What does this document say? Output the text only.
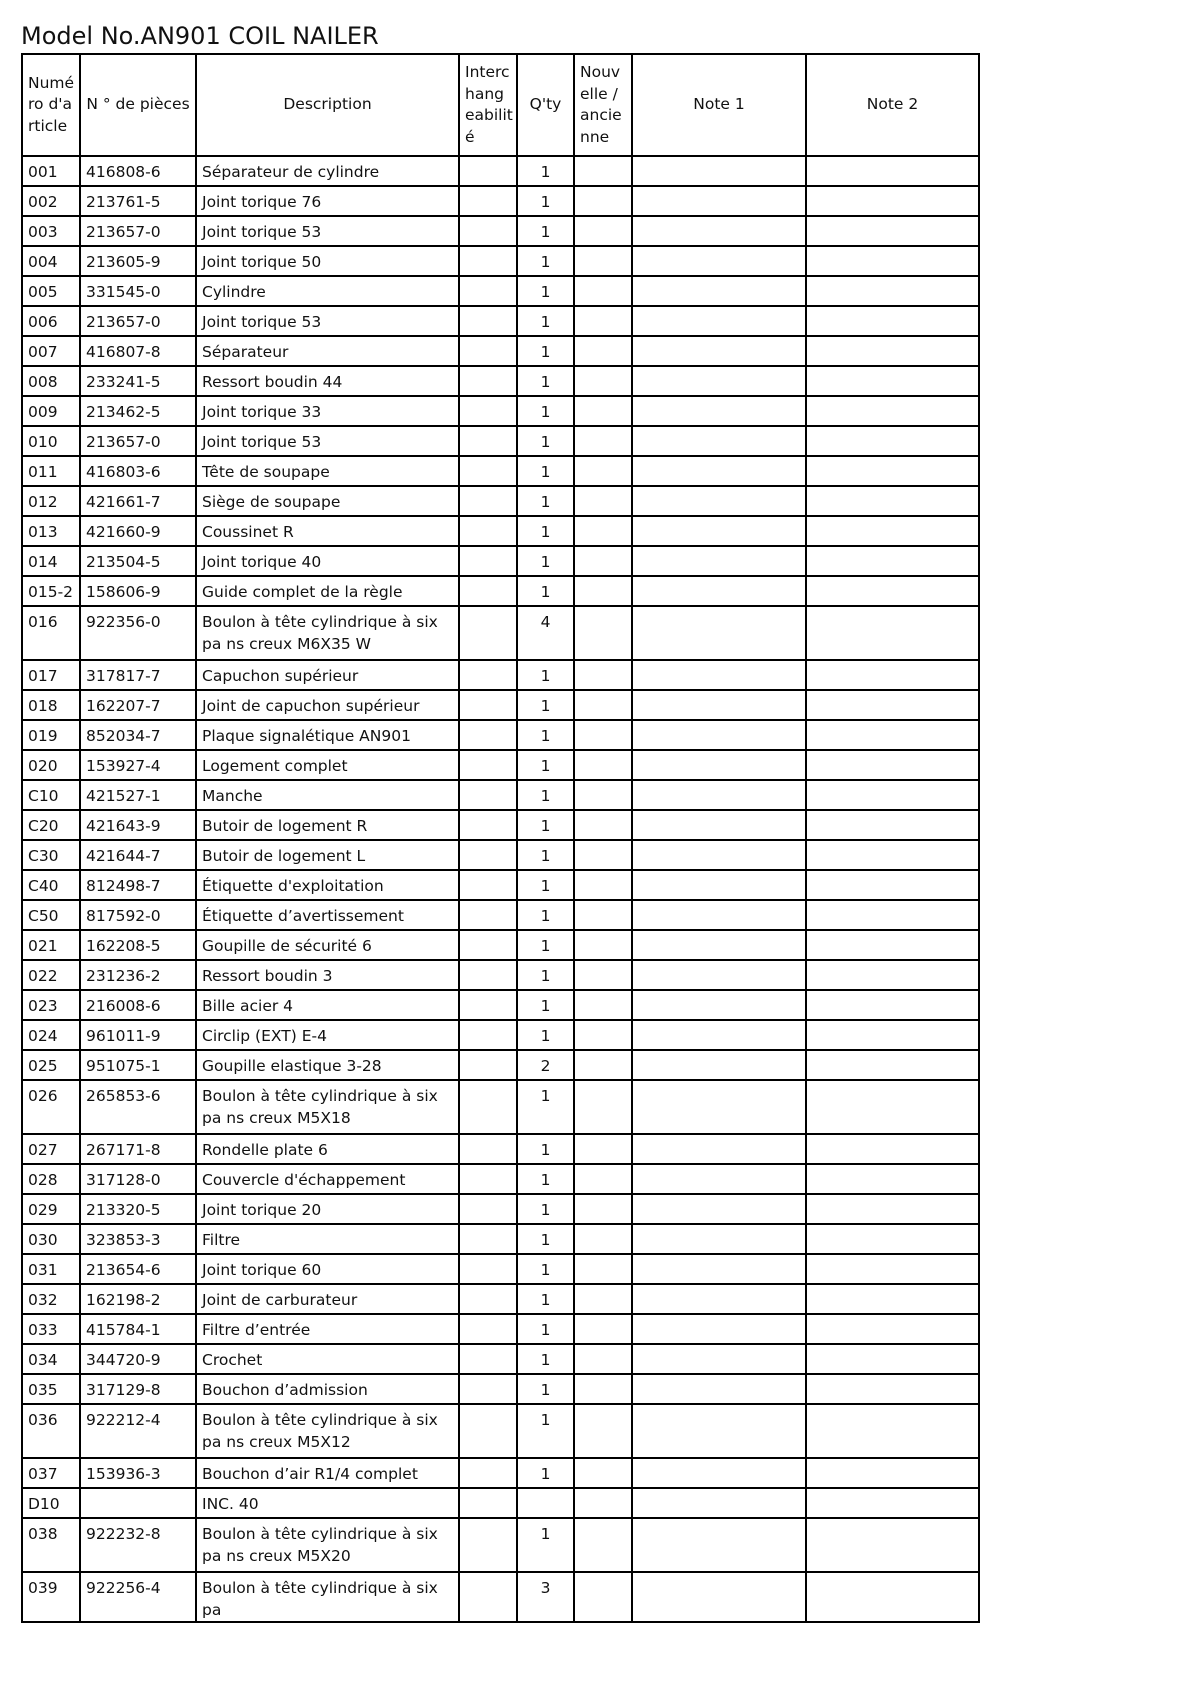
Model No.AN901 COIL NAILER
Numé ro d'a rticle	N ° de pièces	Description	Interc hang eabilit é	Q'ty	Nouv elle / ancie nne	Note 1	Note 2
001	416808-6	Séparateur de cylindre		1			
002	213761-5	Joint torique 76		1			
003	213657-0	Joint torique 53		1			
004	213605-9	Joint torique 50		1			
005	331545-0	Cylindre		1			
006	213657-0	Joint torique 53		1			
007	416807-8	Séparateur		1			
008	233241-5	Ressort boudin 44		1			
009	213462-5	Joint torique 33		1			
010	213657-0	Joint torique 53		1			
011	416803-6	Tête de soupape		1			
012	421661-7	Siège de soupape		1			
013	421660-9	Coussinet R		1			
014	213504-5	Joint torique 40		1			
015-2	158606-9	Guide complet de la règle		1			
016	922356-0	Boulon à tête cylindrique à six pa ns creux M6X35 W		4			
017	317817-7	Capuchon supérieur		1			
018	162207-7	Joint de capuchon supérieur		1			
019	852034-7	Plaque signalétique AN901		1			
020	153927-4	Logement complet		1			
C10	421527-1	Manche		1			
C20	421643-9	Butoir de logement R		1			
C30	421644-7	Butoir de logement L		1			
C40	812498-7	Étiquette d'exploitation		1			
C50	817592-0	Étiquette d’avertissement		1			
021	162208-5	Goupille de sécurité 6		1			
022	231236-2	Ressort boudin 3		1			
023	216008-6	Bille acier 4		1			
024	961011-9	Circlip (EXT) E-4		1			
025	951075-1	Goupille elastique 3-28		2			
026	265853-6	Boulon à tête cylindrique à six pa ns creux M5X18		1			
027	267171-8	Rondelle plate 6		1			
028	317128-0	Couvercle d'échappement		1			
029	213320-5	Joint torique 20		1			
030	323853-3	Filtre		1			
031	213654-6	Joint torique 60		1			
032	162198-2	Joint de carburateur		1			
033	415784-1	Filtre d’entrée		1			
034	344720-9	Crochet		1			
035	317129-8	Bouchon d’admission		1			
036	922212-4	Boulon à tête cylindrique à six pa ns creux M5X12		1			
037	153936-3	Bouchon d’air R1/4 complet		1			
D10		INC. 40					
038	922232-8	Boulon à tête cylindrique à six pa ns creux M5X20		1			
039	922256-4	Boulon à tête cylindrique à six pa		3			
